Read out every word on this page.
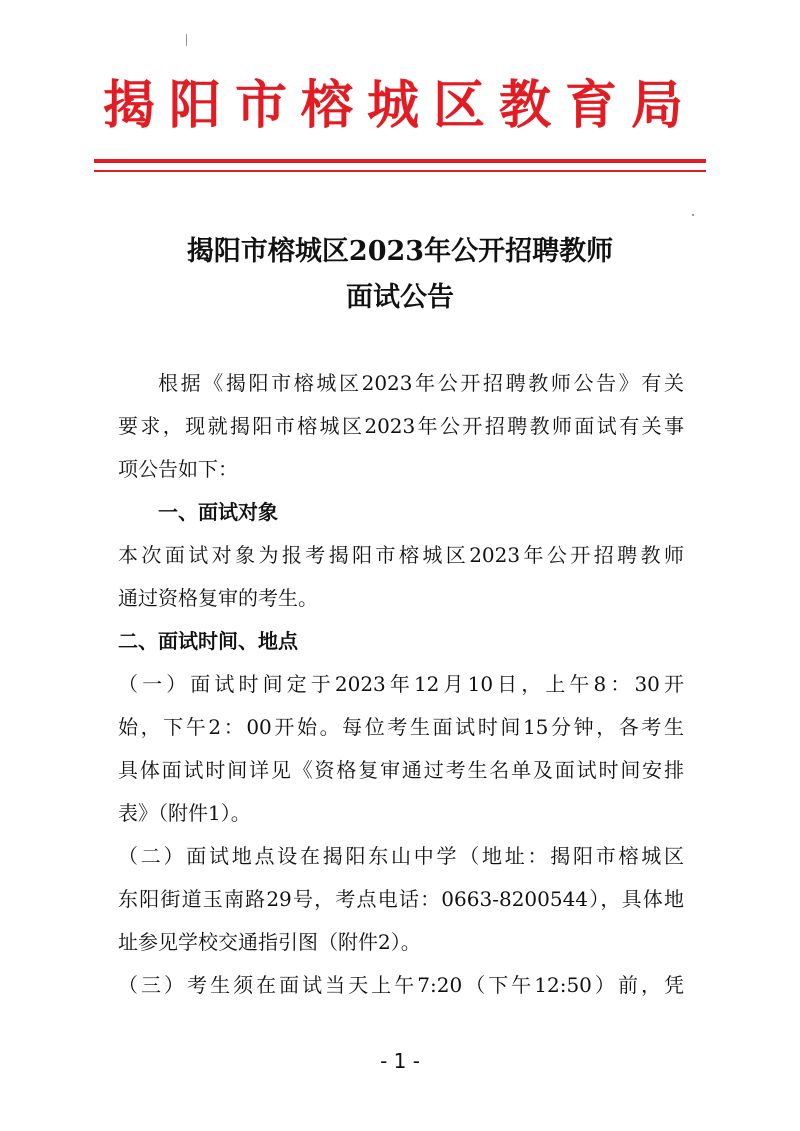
揭阳市榕城区教育局
揭阳市榕城区2023年公开招聘教师
面试公告
根据《揭阳市榕城区2023年公开招聘教师公告》有关
要求，现就揭阳市榕城区2023年公开招聘教师面试有关事
项公告如下：
一、面试对象
本次面试对象为报考揭阳市榕城区2023年公开招聘教师
通过资格复审的考生。
二、面试时间、地点
（一）面试时间定于2023年12月10日，上午8：30开
始，下午2：00开始。每位考生面试时间15分钟，各考生
具体面试时间详见《资格复审通过考生名单及面试时间安排
表》（附件1）。
（二）面试地点设在揭阳东山中学（地址：揭阳市榕城区
东阳街道玉南路29号，考点电话：0663-8200544），具体地
址参见学校交通指引图（附件2）。
（三）考生须在面试当天上午7:20（下午12:50）前，凭
- 1 -
